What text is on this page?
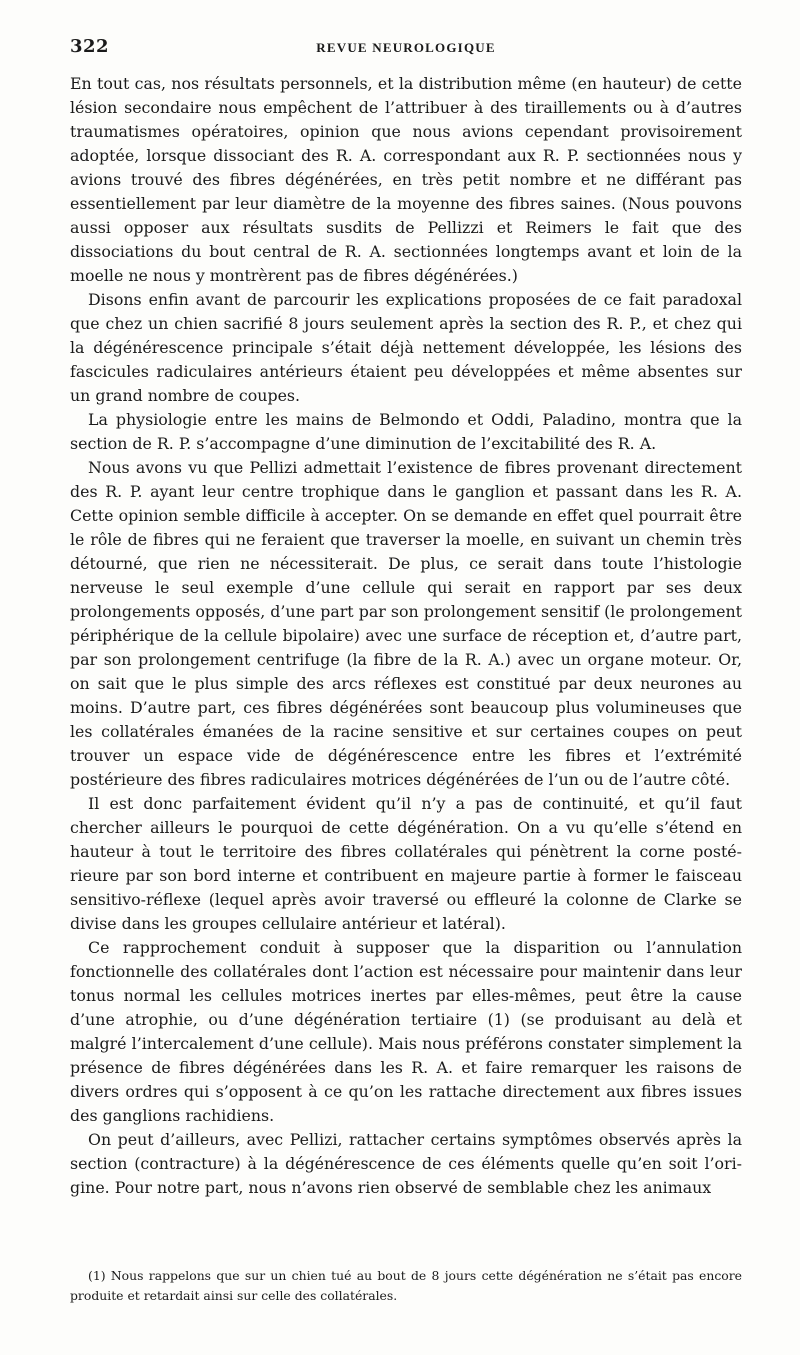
322	REVUE NEUROLOGIQUE

En tout cas, nos résultats personnels, et la distribution même (en hauteur) de cette lésion secondaire nous empêchent de l’attribuer à des tiraillements ou à d’autres traumatismes opératoires, opinion que nous avions cependant provisoirement adoptée, lorsque dissociant des R. A. correspondant aux R. P. sectionnées nous y avions trouvé des fibres dégénérées, en très petit nombre et ne différant pas essentiellement par leur diamètre de la moyenne des fibres saines. (Nous pouvons aussi opposer aux résultats susdits de Pellizzi et Reimers le fait que des dissociations du bout central de R. A. sectionnées longtemps avant et loin de la moelle ne nous y montrèrent pas de fibres dégénérées.)

Disons enfin avant de parcourir les explications proposées de ce fait paradoxal que chez un chien sacrifié 8 jours seulement après la section des R. P., et chez qui la dégénérescence principale s’était déjà nettement développée, les lésions des fascicules radiculaires antérieurs étaient peu développées et même absentes sur un grand nombre de coupes.

La physiologie entre les mains de Belmondo et Oddi, Paladino, montra que la section de R. P. s’accompagne d’une diminution de l’excitabilité des R. A.

Nous avons vu que Pellizi admettait l’existence de fibres provenant directement des R. P. ayant leur centre trophique dans le ganglion et passant dans les R. A. Cette opinion semble difficile à accepter. On se demande en effet quel pourrait être le rôle de fibres qui ne feraient que traverser la moelle, en suivant un chemin très détourné, que rien ne nécessiterait. De plus, ce serait dans toute l’histologie nerveuse le seul exemple d’une cellule qui serait en rapport par ses deux prolongements opposés, d’une part par son prolongement sensitif (le prolongement périphérique de la cellule bipolaire) avec une surface de réception et, d’autre part, par son prolongement centrifuge (la fibre de la R. A.) avec un organe moteur. Or, on sait que le plus simple des arcs réflexes est constitué par deux neurones au moins. D’autre part, ces fibres dégénérées sont beaucoup plus volumineuses que les collatérales émanées de la racine sensitive et sur certaines coupes on peut trouver un espace vide de dégénérescence entre les fibres et l’extrémité postérieure des fibres radiculaires motrices dégénérées de l’un ou de l’autre côté.

Il est donc parfaitement évident qu’il n’y a pas de continuité, et qu’il faut chercher ailleurs le pourquoi de cette dégénération. On a vu qu’elle s’étend en hauteur à tout le territoire des fibres collatérales qui pénètrent la corne postérieure par son bord interne et contribuent en majeure partie à former le faisceau sensitivo-réflexe (lequel après avoir traversé ou effleuré la colonne de Clarke se divise dans les groupes cellulaire antérieur et latéral).

Ce rapprochement conduit à supposer que la disparition ou l’annulation fonctionnelle des collatérales dont l’action est nécessaire pour maintenir dans leur tonus normal les cellules motrices inertes par elles-mêmes, peut être la cause d’une atrophie, ou d’une dégénération tertiaire (1) (se produisant au delà et malgré l’intercalement d’une cellule). Mais nous préférons constater simplement la présence de fibres dégénérées dans les R. A. et faire remarquer les raisons de divers ordres qui s’opposent à ce qu’on les rattache directement aux fibres issues des ganglions rachidiens.

On peut d’ailleurs, avec Pellizi, rattacher certains symptômes observés après la section (contracture) à la dégénérescence de ces éléments quelle qu’en soit l’origine. Pour notre part, nous n’avons rien observé de semblable chez les animaux

(1) Nous rappelons que sur un chien tué au bout de 8 jours cette dégénération ne s’était pas encore produite et retardait ainsi sur celle des collatérales.
